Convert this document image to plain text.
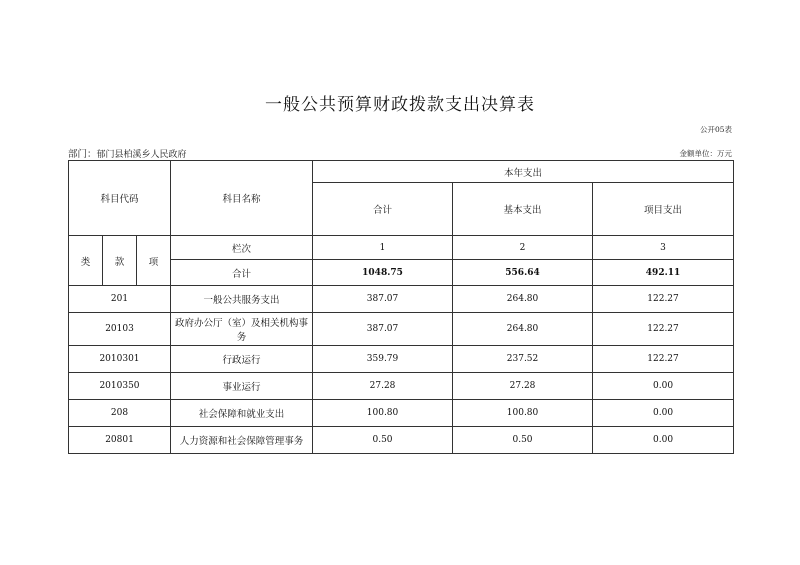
一般公共预算财政拨款支出决算表
公开05表
部门：郁门县柏溪乡人民政府	金额单位：万元
科目代码			科目名称	本年支出		
				合计	基本支出	项目支出
类	款	项	栏次	1	2	3
			合计	1048.75	556.64	492.11
201			一般公共服务支出	387.07	264.80	122.27
20103			政府办公厅（室）及相关机构事务	387.07	264.80	122.27
2010301			行政运行	359.79	237.52	122.27
2010350			事业运行	27.28	27.28	0.00
208			社会保障和就业支出	100.80	100.80	0.00
20801			人力资源和社会保障管理事务	0.50	0.50	0.00
